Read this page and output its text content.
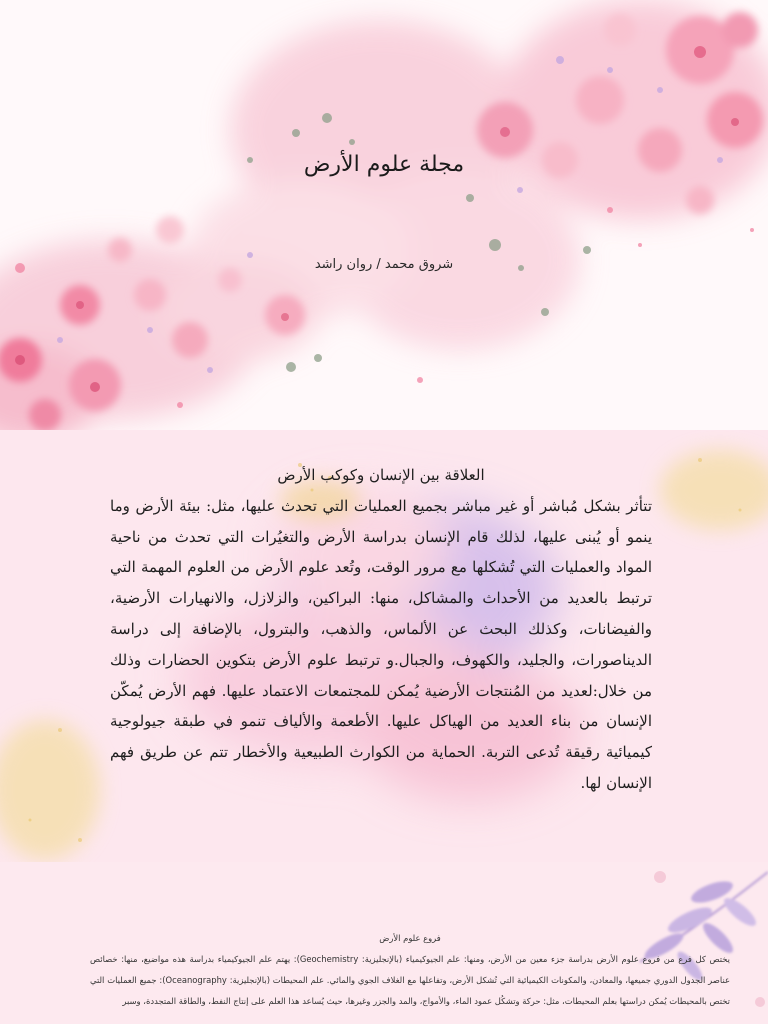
مجلة علوم الأرض
شروق محمد / روان راشد
العلاقة بين الإنسان وكوكب الأرض
تتأثر بشكل مُباشر أو غير مباشر بجميع العمليات التي تحدث عليها، مثل: بيئة الأرض وما ينمو أو يُبنى عليها، لذلك قام الإنسان بدراسة الأرض والتغيُرات التي تحدث من ناحية المواد والعمليات التي تُشكلها مع مرور الوقت، وتُعد علوم الأرض من العلوم المهمة التي ترتبط بالعديد من الأحداث والمشاكل، منها: البراكين، والزلازل، والانهيارات الأرضية، والفيضانات، وكذلك البحث عن الألماس، والذهب، والبترول، بالإضافة إلى دراسة الديناصورات، والجليد، والكهوف، والجبال.و ترتبط علوم الأرض بتكوين الحضارات وذلك من خلال:لعديد من المُنتجات الأرضية يُمكن للمجتمعات الاعتماد عليها. فهم الأرض يُمكّن الإنسان من بناء العديد من الهياكل عليها. الأطعمة والألياف تنمو في طبقة جيولوجية كيميائية رقيقة تُدعى التربة. الحماية من الكوارث الطبيعية والأخطار تتم عن طريق فهم الإنسان لها.
فروع علوم الأرض
يختص كل فرع من فروع علوم الأرض بدراسة جزء معين من الأرض، ومنها: علم الجيوكيمياء (بالإنجليزية: Geochemistry): يهتم علم الجيوكيمياء بدراسة هذه مواضيع، منها: خصائص عناصر الجدول الدوري جميعها، والمعادن، والمكونات الكيميائية التي تُشكل الأرض، وتفاعلها مع الغلاف الجوي والمائي. علم المحيطات (بالإنجليزية: Oceanography): جميع العمليات التي تختص بالمحيطات يُمكن دراستها بعلم المحيطات، مثل: حركة وتشكُل عمود الماء، والأمواج، والمد والجزر وغيرها، حيث يُساعد هذا العلم على إنتاج النفط، والطاقة المتجددة، وسبر
